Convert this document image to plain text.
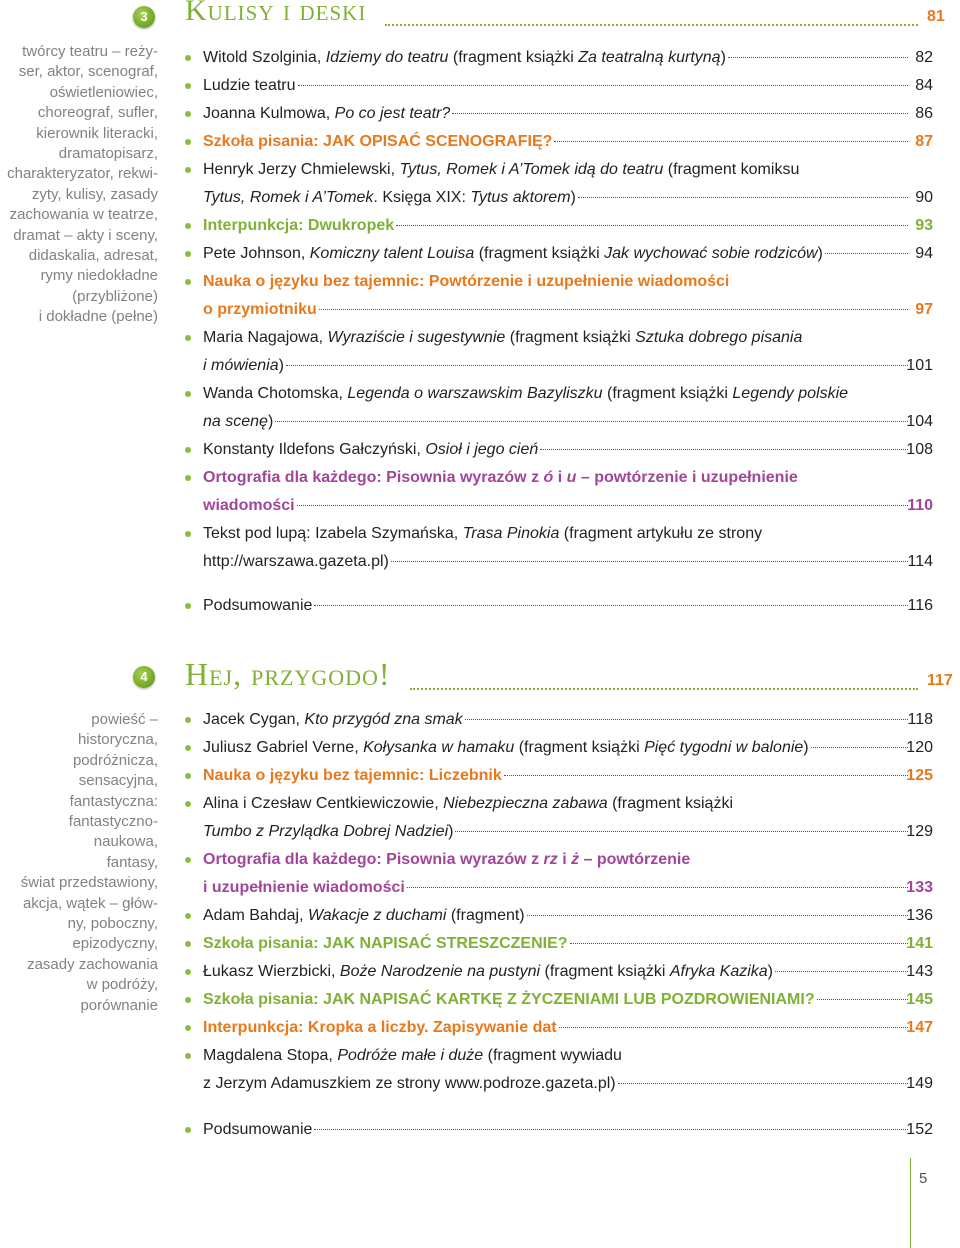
3 Kulisy i deski	81
twórcy teatru – reży-
ser, aktor, scenograf,
oświetleniowiec,
choreograf, sufler,
kierownik literacki,
dramatopisarz,
charakteryzator, rekwi-
zyty, kulisy, zasady
zachowania w teatrze,
dramat – akty i sceny,
didaskalia, adresat,
rymy niedokładne
(przybliżone)
i dokładne (pełne)
Witold Szolginia, Idziemy do teatru (fragment książki Za teatralną kurtyną)	82
Ludzie teatru	84
Joanna Kulmowa, Po co jest teatr?	86
Szkoła pisania: JAK OPISAĆ SCENOGRAFIĘ?	87
Henryk Jerzy Chmielewski, Tytus, Romek i A’Tomek idą do teatru (fragment komiksu
Tytus, Romek i A’Tomek. Księga XIX: Tytus aktorem)	90
Interpunkcja: Dwukropek	93
Pete Johnson, Komiczny talent Louisa (fragment książki Jak wychować sobie rodziców)	94
Nauka o języku bez tajemnic: Powtórzenie i uzupełnienie wiadomości
o przymiotniku	97
Maria Nagajowa, Wyraziście i sugestywnie (fragment książki Sztuka dobrego pisania
i mówienia)	101
Wanda Chotomska, Legenda o warszawskim Bazyliszku (fragment książki Legendy polskie
na scenę)	104
Konstanty Ildefons Gałczyński, Osioł i jego cień	108
Ortografia dla każdego: Pisownia wyrazów z ó i u – powtórzenie i uzupełnienie
wiadomości	110
Tekst pod lupą: Izabela Szymańska, Trasa Pinokia (fragment artykułu ze strony
http://warszawa.gazeta.pl)	114
Podsumowanie	116
4 Hej, przygodo!	117
powieść –
historyczna,
podróżnicza,
sensacyjna,
fantastyczna:
fantastyczno-
naukowa,
fantasy,
świat przedstawiony,
akcja, wątek – głów-
ny, poboczny,
epizodyczny,
zasady zachowania
w podróży,
porównanie
Jacek Cygan, Kto przygód zna smak	118
Juliusz Gabriel Verne, Kołysanka w hamaku (fragment książki Pięć tygodni w balonie)	120
Nauka o języku bez tajemnic: Liczebnik	125
Alina i Czesław Centkiewiczowie, Niebezpieczna zabawa (fragment książki
Tumbo z Przylądka Dobrej Nadziei)	129
Ortografia dla każdego: Pisownia wyrazów z rz i ż – powtórzenie
i uzupełnienie wiadomości	133
Adam Bahdaj, Wakacje z duchami (fragment)	136
Szkoła pisania: JAK NAPISAĆ STRESZCZENIE?	141
Łukasz Wierzbicki, Boże Narodzenie na pustyni (fragment książki Afryka Kazika)	143
Szkoła pisania: JAK NAPISAĆ KARTKĘ Z ŻYCZENIAMI LUB POZDROWIENIAMI?	145
Interpunkcja: Kropka a liczby. Zapisywanie dat	147
Magdalena Stopa, Podróże małe i duże (fragment wywiadu
z Jerzym Adamuszkiem ze strony www.podroze.gazeta.pl)	149
Podsumowanie	152
5
